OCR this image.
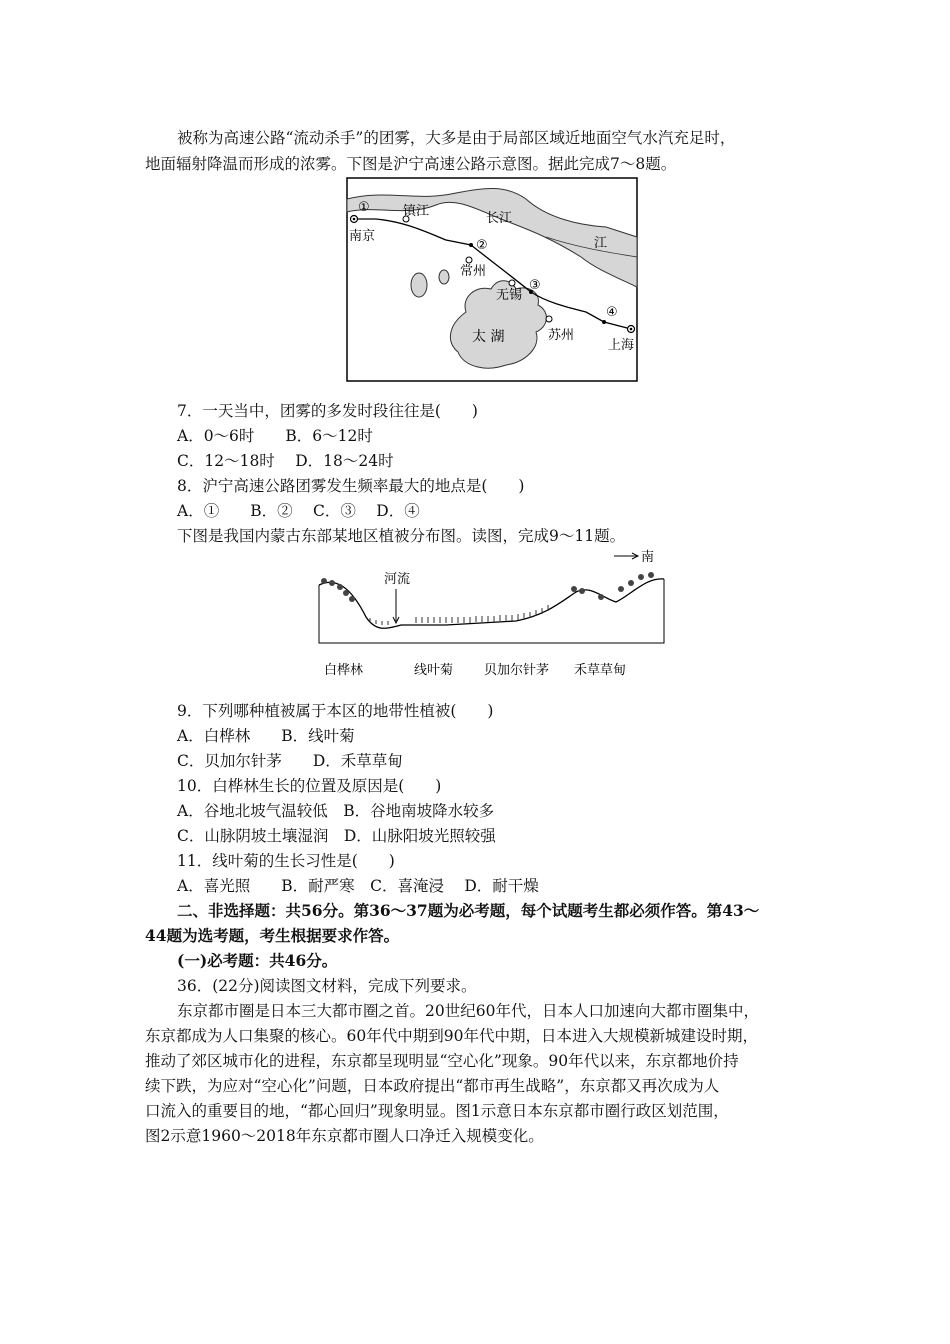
被称为高速公路“流动杀手”的团雾，大多是由于局部区域近地面空气水汽充足时，
地面辐射降温而形成的浓雾。下图是沪宁高速公路示意图。据此完成7～8题。
①
南京
镇江	长江
江
②
常州
无锡
③
太 湖	苏州
④
上海
7．一天当中，团雾的多发时段往往是(　　)
A．0～6时　　B．6～12时
C．12～18时　 D．18～24时
8．沪宁高速公路团雾发生频率最大的地点是(　　)
A．①　　B．②　 C．③　 D．④
下图是我国内蒙古东部某地区植被分布图。读图，完成9～11题。
南
河流
白桦林	线叶菊 贝加尔针茅 禾草草甸
9．下列哪种植被属于本区的地带性植被(　　)
A．白桦林　　B．线叶菊
C．贝加尔针茅　　D．禾草草甸
10．白桦林生长的位置及原因是(　　)
A．谷地北坡气温较低　B．谷地南坡降水较多
C．山脉阴坡土壤湿润　D．山脉阳坡光照较强
11．线叶菊的生长习性是(　　)
A．喜光照　　B．耐严寒　C．喜淹浸　 D．耐干燥
二、非选择题：共56分。第36～37题为必考题，每个试题考生都必须作答。第43～
44题为选考题，考生根据要求作答。
(一)必考题：共46分。
36．(22分)阅读图文材料，完成下列要求。
东京都市圈是日本三大都市圈之首。20世纪60年代，日本人口加速向大都市圈集中，
东京都成为人口集聚的核心。60年代中期到90年代中期，日本进入大规模新城建设时期，
推动了郊区城市化的进程，东京都呈现明显“空心化”现象。90年代以来，东京都地价持
续下跌，为应对“空心化”问题，日本政府提出“都市再生战略”，东京都又再次成为人
口流入的重要目的地，“都心回归”现象明显。图1示意日本东京都市圈行政区划范围，
图2示意1960～2018年东京都市圈人口净迁入规模变化。
